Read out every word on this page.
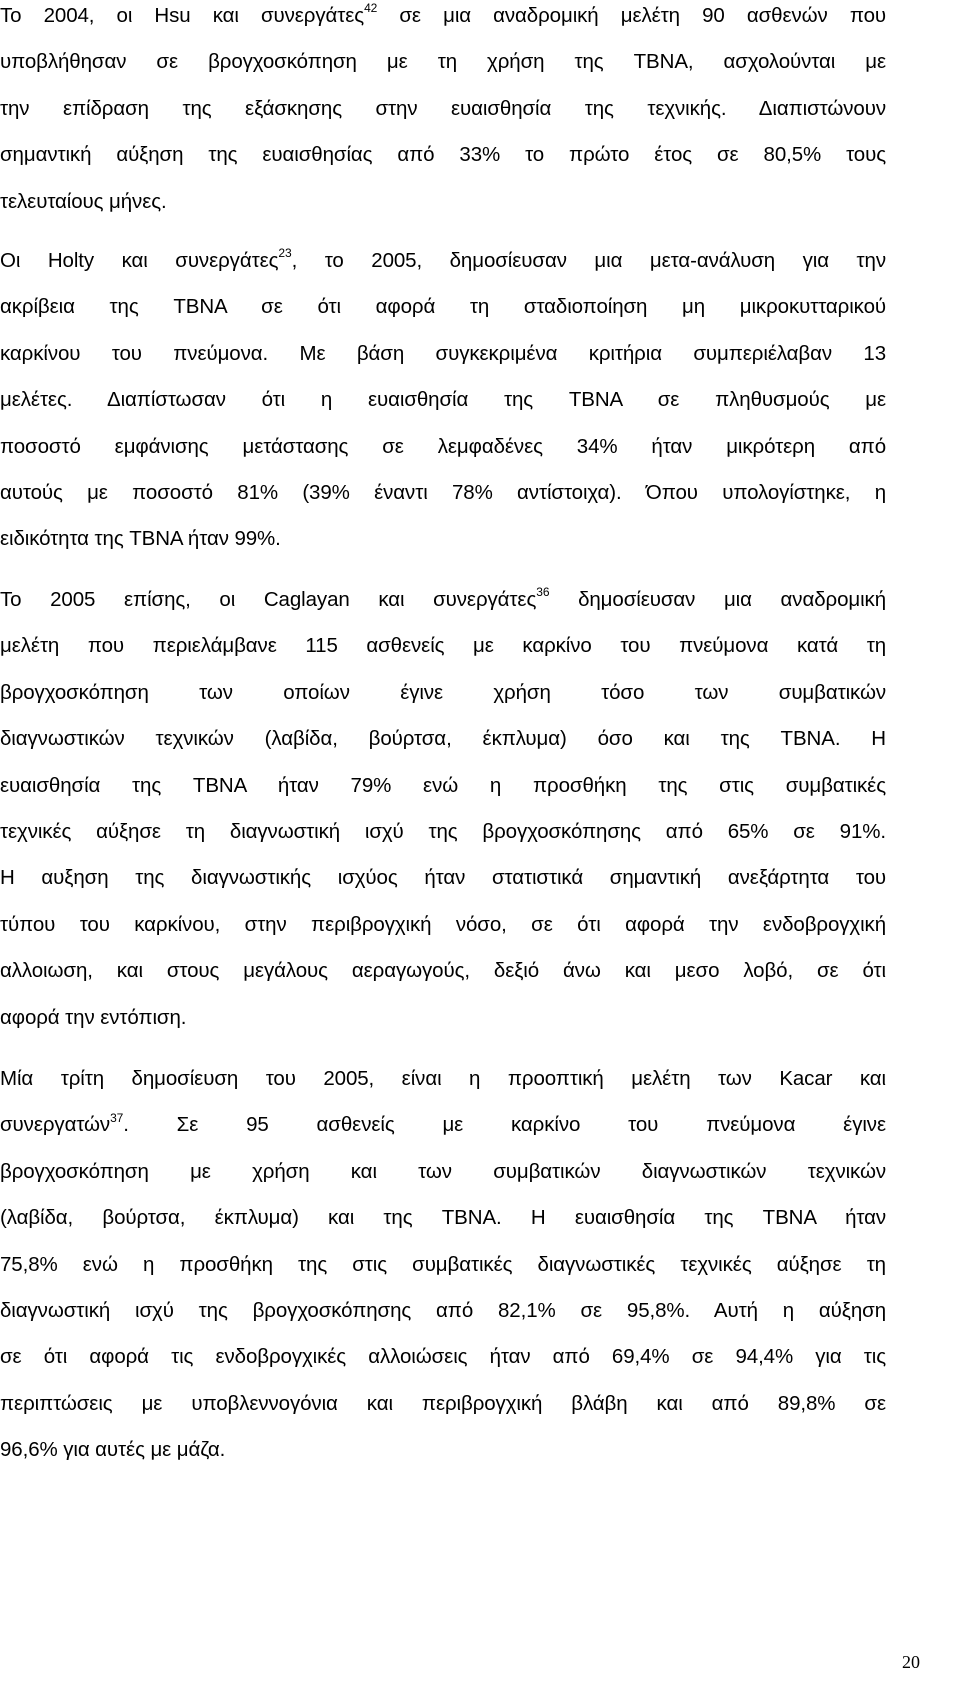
Το 2004, οι Hsu και συνεργάτες$^{42}$ σε μια αναδρομική μελέτη 90 ασθενών που
υποβλήθησαν σε βρογχοσκόπηση με τη χρήση της TBNA, ασχολούνται με
την επίδραση της εξάσκησης στην ευαισθησία της τεχνικής. Διαπιστώνουν
σημαντική αύξηση της ευαισθησίας από 33% το πρώτο έτος σε 80,5% τους
τελευταίους μήνες.

Οι Holty και συνεργάτες$^{23}$, το 2005, δημοσίευσαν μια μετα-ανάλυση για την
ακρίβεια της TBNA σε ότι αφορά τη σταδιοποίηση μη μικροκυτταρικού
καρκίνου του πνεύμονα. Με βάση συγκεκριμένα κριτήρια συμπεριέλαβαν 13
μελέτες. Διαπίστωσαν ότι η ευαισθησία της TBNA σε πληθυσμούς με
ποσοστό εμφάνισης μετάστασης σε λεμφαδένες 34% ήταν μικρότερη από
αυτούς με ποσοστό 81% (39% έναντι 78% αντίστοιχα). Όπου υπολογίστηκε, η
ειδικότητα της TBNA ήταν 99%.

Το 2005 επίσης, οι Caglayan και συνεργάτες$^{36}$ δημοσίευσαν μια αναδρομική
μελέτη που περιελάμβανε 115 ασθενείς με καρκίνο του πνεύμονα κατά τη
βρογχοσκόπηση των οποίων έγινε χρήση τόσο των συμβατικών
διαγνωστικών τεχνικών (λαβίδα, βούρτσα, έκπλυμα) όσο και της TBNA. Η
ευαισθησία της TBNA ήταν 79% ενώ η προσθήκη της στις συμβατικές
τεχνικές αύξησε τη διαγνωστική ισχύ της βρογχοσκόπησης από 65% σε 91%.
Η αυξηση της διαγνωστικής ισχύος ήταν στατιστικά σημαντική ανεξάρτητα του
τύπου του καρκίνου, στην περιβρογχική νόσο, σε ότι αφορά την ενδοβρογχική
αλλοιωση, και στους μεγάλους αεραγωγούς, δεξιό άνω και μεσο λοβό, σε ότι
αφορά την εντόπιση.

Μία τρίτη δημοσίευση του 2005, είναι η προοπτική μελέτη των Kacar και
συνεργατών$^{37}$. Σε 95 ασθενείς με καρκίνο του πνεύμονα έγινε
βρογχοσκόπηση με χρήση και των συμβατικών διαγνωστικών τεχνικών
(λαβίδα, βούρτσα, έκπλυμα) και της TBNA. Η ευαισθησία της TBNA ήταν
75,8% ενώ η προσθήκη της στις συμβατικές διαγνωστικές τεχνικές αύξησε τη
διαγνωστική ισχύ της βρογχοσκόπησης από 82,1% σε 95,8%. Αυτή η αύξηση
σε ότι αφορά τις ενδοβρογχικές αλλοιώσεις ήταν από 69,4% σε 94,4% για τις
περιπτώσεις με υποβλεννογόνια και περιβρογχική βλάβη και από 89,8% σε
96,6% για αυτές με μάζα.

20
